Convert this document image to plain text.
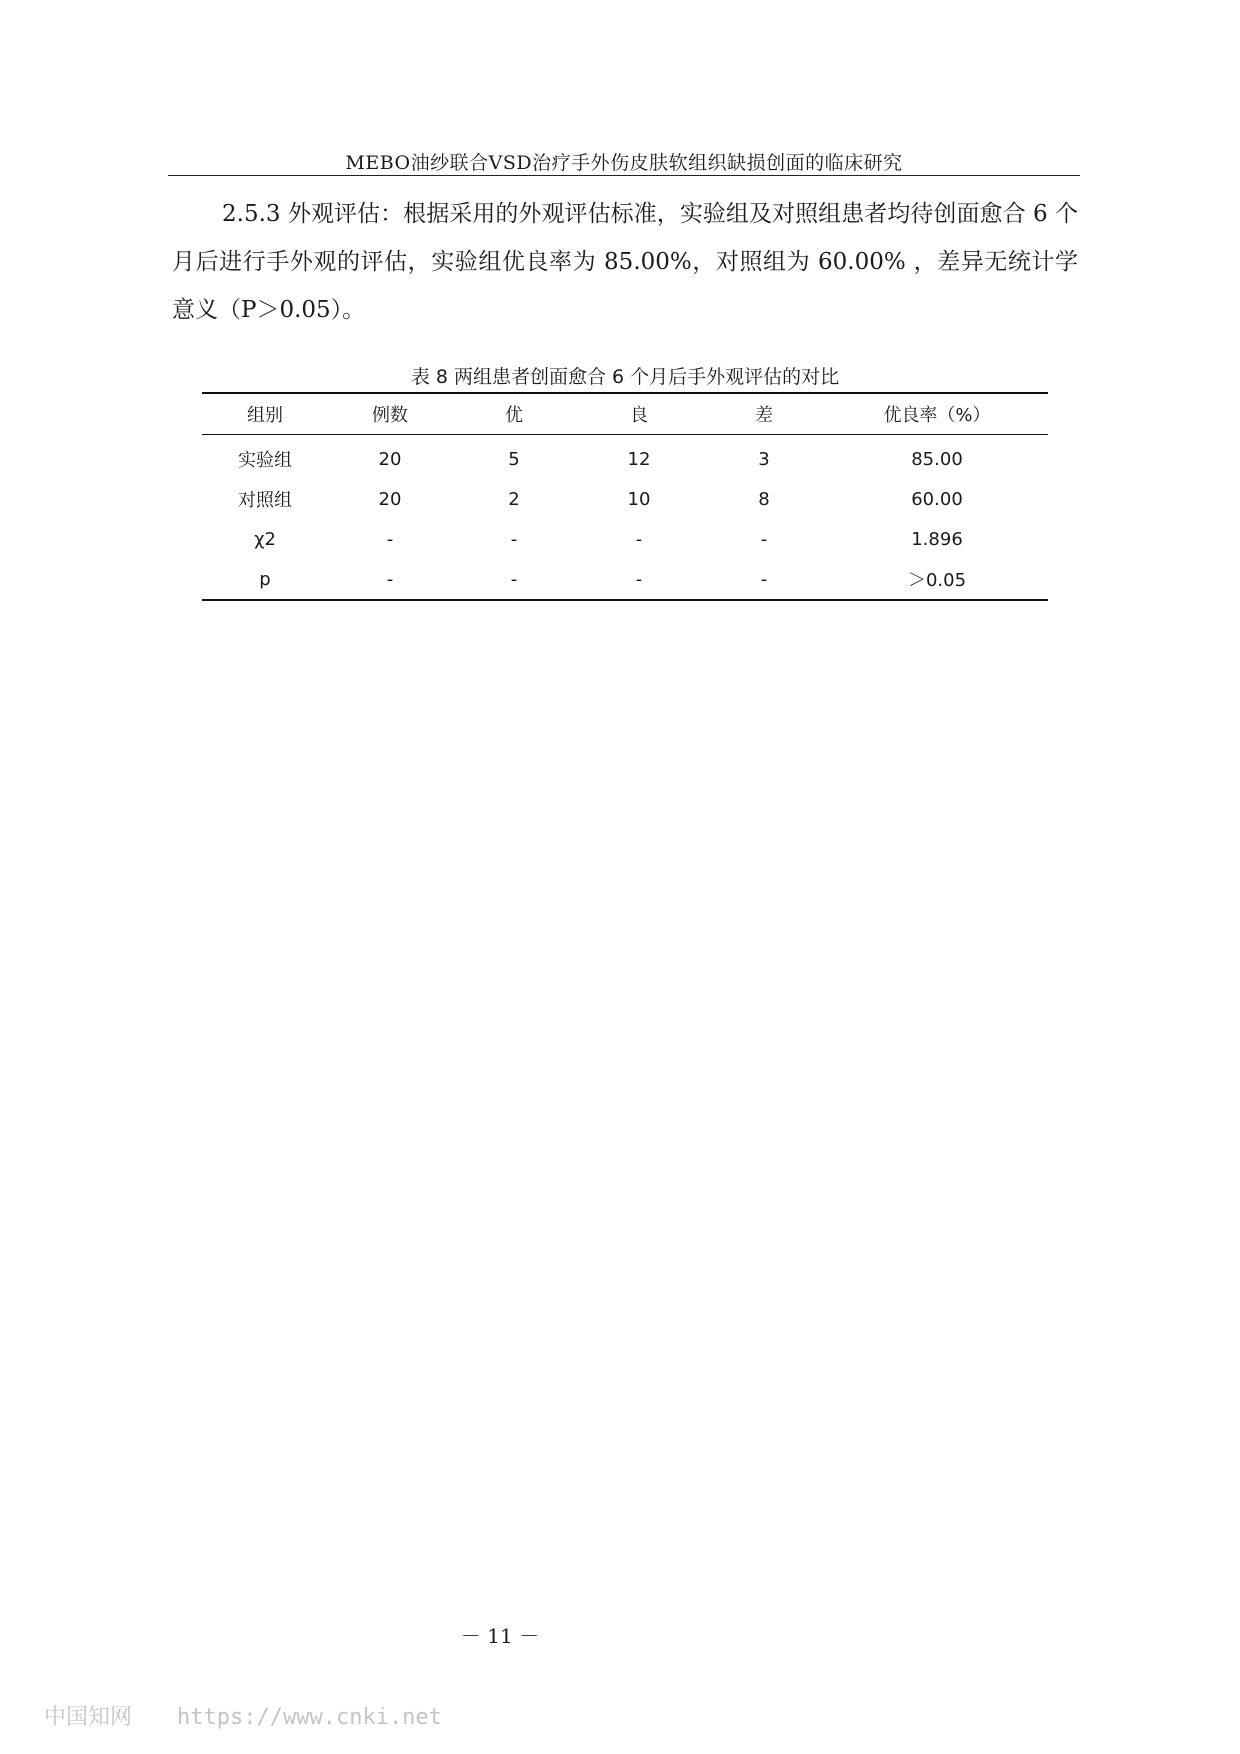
MEBO油纱联合VSD治疗手外伤皮肤软组织缺损创面的临床研究

2.5.3 外观评估：根据采用的外观评估标准，实验组及对照组患者均待创面愈合 6 个月后进行手外观的评估，实验组优良率为 85.00%，对照组为 60.00% ，差异无统计学意义（P＞0.05）。

表 8 两组患者创面愈合 6 个月后手外观评估的对比
组别	例数	优	良	差	优良率（%）
实验组	20	5	12	3	85.00
对照组	20	2	10	8	60.00
χ2	-	-	-	-	1.896
p	-	-	-	-	＞0.05
－ 11 －
中国知网 https://www.cnki.net
